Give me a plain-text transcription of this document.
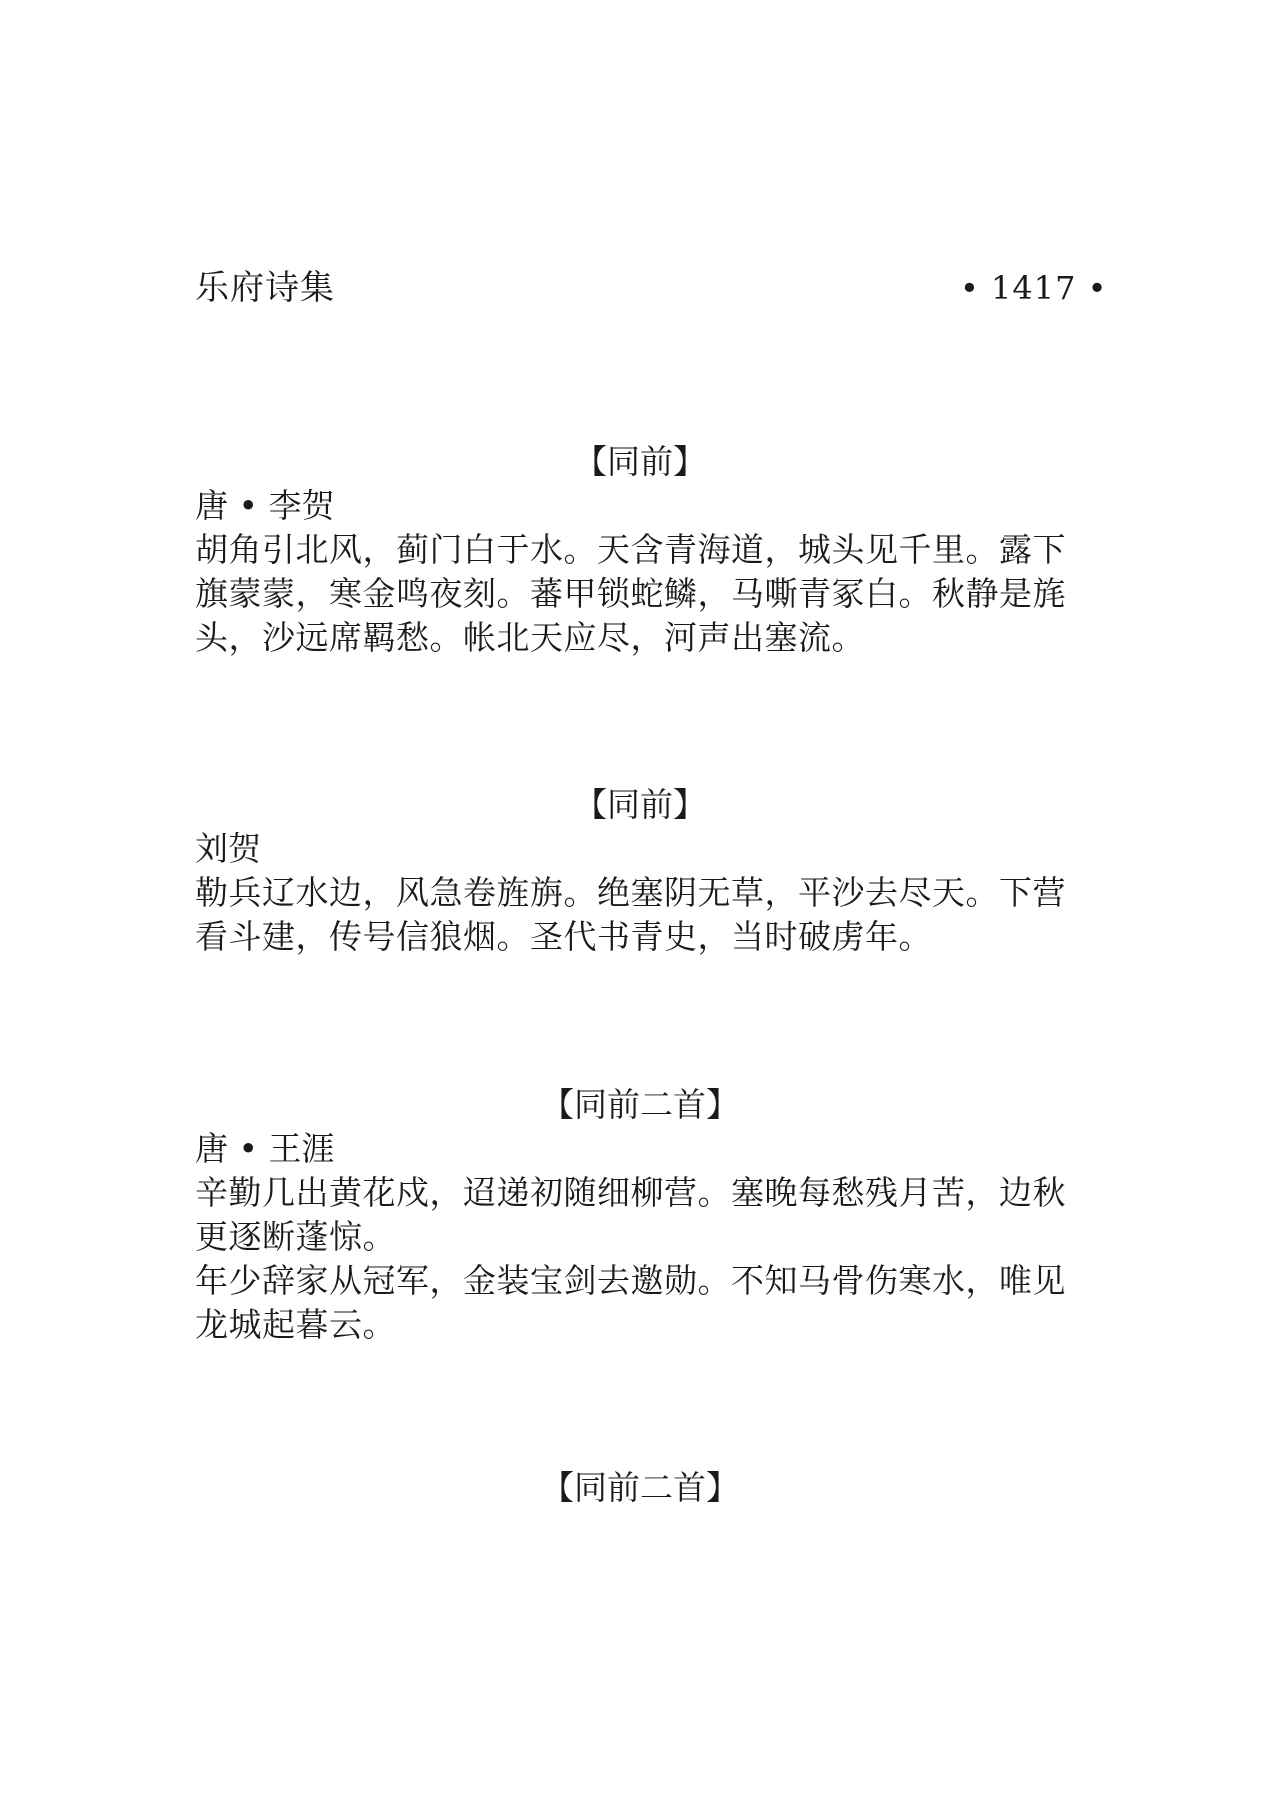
乐府诗集	• 1417 •
【同前】
唐 • 李贺

胡角引北风，蓟门白于水。天含青海道，城头见千里。露下旗蒙蒙，寒金鸣夜刻。蕃甲锁蛇鳞，马嘶青冢白。秋静是旄头，沙远席羁愁。帐北天应尽，河声出塞流。

【同前】
刘贺

勒兵辽水边，风急卷旌旃。绝塞阴无草，平沙去尽天。下营看斗建，传号信狼烟。圣代书青史，当时破虏年。

【同前二首】
唐 • 王涯

辛勤几出黄花戍，迢递初随细柳营。塞晚每愁残月苦，边秋更逐断蓬惊。

年少辞家从冠军，金装宝剑去邀勋。不知马骨伤寒水，唯见龙城起暮云。

【同前二首】
